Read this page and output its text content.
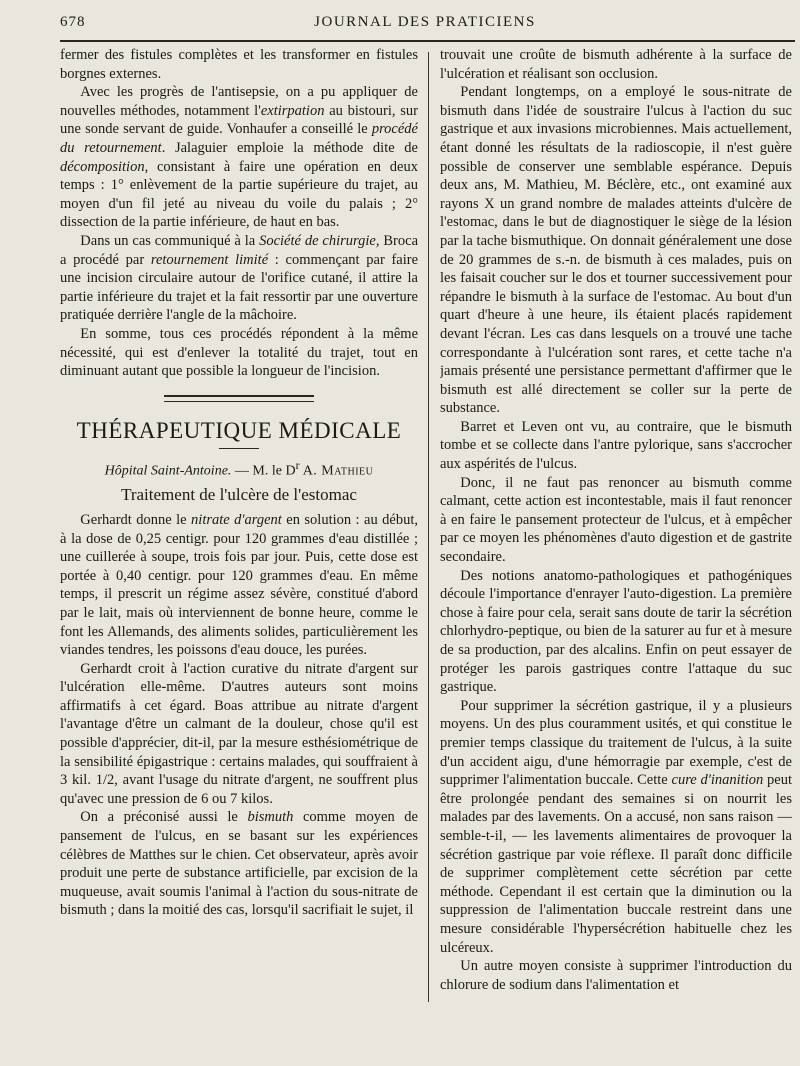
678	JOURNAL DES PRATICIENS

fermer des fistules complètes et les transformer en fistules borgnes externes.

Avec les progrès de l'antisepsie, on a pu appliquer de nouvelles méthodes, notamment l'extirpation au bistouri, sur une sonde servant de guide. Vonhaufer a conseillé le procédé du retournement. Jalaguier emploie la méthode dite de décomposition, consistant à faire une opération en deux temps : 1° enlèvement de la partie supérieure du trajet, au moyen d'un fil jeté au niveau du voile du palais ; 2° dissection de la partie inférieure, de haut en bas.

Dans un cas communiqué à la Société de chirurgie, Broca a procédé par retournement limité : commençant par faire une incision circulaire autour de l'orifice cutané, il attire la partie inférieure du trajet et la fait ressortir par une ouverture pratiquée derrière l'angle de la mâchoire.

En somme, tous ces procédés répondent à la même nécessité, qui est d'enlever la totalité du trajet, tout en diminuant autant que possible la longueur de l'incision.

THÉRAPEUTIQUE MÉDICALE
Hôpital Saint-Antoine. — M. le $D^r$ A. Mathieu
Traitement de l'ulcère de l'estomac

Gerhardt donne le nitrate d'argent en solution : au début, à la dose de 0,25 centigr. pour 120 grammes d'eau distillée ; une cuillerée à soupe, trois fois par jour. Puis, cette dose est portée à 0,40 centigr. pour 120 grammes d'eau. En même temps, il prescrit un régime assez sévère, constitué d'abord par le lait, mais où interviennent de bonne heure, comme le font les Allemands, des aliments solides, particulièrement les viandes tendres, les poissons d'eau douce, les purées.

Gerhardt croit à l'action curative du nitrate d'argent sur l'ulcération elle-même. D'autres auteurs sont moins affirmatifs à cet égard. Boas attribue au nitrate d'argent l'avantage d'être un calmant de la douleur, chose qu'il est possible d'apprécier, dit-il, par la mesure esthésiométrique de la sensibilité épigastrique : certains malades, qui souffraient à 3 kil. 1/2, avant l'usage du nitrate d'argent, ne souffrent plus qu'avec une pression de 6 ou 7 kilos.

On a préconisé aussi le bismuth comme moyen de pansement de l'ulcus, en se basant sur les expériences célèbres de Matthes sur le chien. Cet observateur, après avoir produit une perte de substance artificielle, par excision de la muqueuse, avait soumis l'animal à l'action du sous-nitrate de bismuth ; dans la moitié des cas, lorsqu'il sacrifiait le sujet, il

trouvait une croûte de bismuth adhérente à la surface de l'ulcération et réalisant son occlusion.

Pendant longtemps, on a employé le sous-nitrate de bismuth dans l'idée de soustraire l'ulcus à l'action du suc gastrique et aux invasions microbiennes. Mais actuellement, étant donné les résultats de la radioscopie, il n'est guère possible de conserver une semblable espérance. Depuis deux ans, M. Mathieu, M. Béclère, etc., ont examiné aux rayons X un grand nombre de malades atteints d'ulcère de l'estomac, dans le but de diagnostiquer le siège de la lésion par la tache bismuthique. On donnait généralement une dose de 20 grammes de s.-n. de bismuth à ces malades, puis on les faisait coucher sur le dos et tourner successivement pour répandre le bismuth à la surface de l'estomac. Au bout d'un quart d'heure à une heure, ils étaient placés rapidement devant l'écran. Les cas dans lesquels on a trouvé une tache correspondante à l'ulcération sont rares, et cette tache n'a jamais présenté une persistance permettant d'affirmer que le bismuth est allé directement se coller sur la perte de substance.

Barret et Leven ont vu, au contraire, que le bismuth tombe et se collecte dans l'antre pylorique, sans s'accrocher aux aspérités de l'ulcus.

Donc, il ne faut pas renoncer au bismuth comme calmant, cette action est incontestable, mais il faut renoncer à en faire le pansement protecteur de l'ulcus, et à empêcher par ce moyen les phénomènes d'auto digestion et de gastrite secondaire.

Des notions anatomo-pathologiques et pathogéniques découle l'importance d'enrayer l'auto-digestion. La première chose à faire pour cela, serait sans doute de tarir la sécrétion chlorhydro-peptique, ou bien de la saturer au fur et à mesure de sa production, par des alcalins. Enfin on peut essayer de protéger les parois gastriques contre l'attaque du suc gastrique.

Pour supprimer la sécrétion gastrique, il y a plusieurs moyens. Un des plus couramment usités, et qui constitue le premier temps classique du traitement de l'ulcus, à la suite d'un accident aigu, d'une hémorragie par exemple, c'est de supprimer l'alimentation buccale. Cette cure d'inanition peut être prolongée pendant des semaines si on nourrit les malades par des lavements. On a accusé, non sans raison — semble-t-il, — les lavements alimentaires de provoquer la sécrétion gastrique par voie réflexe. Il paraît donc difficile de supprimer complètement cette sécrétion par cette méthode. Cependant il est certain que la diminution ou la suppression de l'alimentation buccale restreint dans une mesure considérable l'hypersécrétion habituelle chez les ulcéreux.

Un autre moyen consiste à supprimer l'introduction du chlorure de sodium dans l'alimentation et
